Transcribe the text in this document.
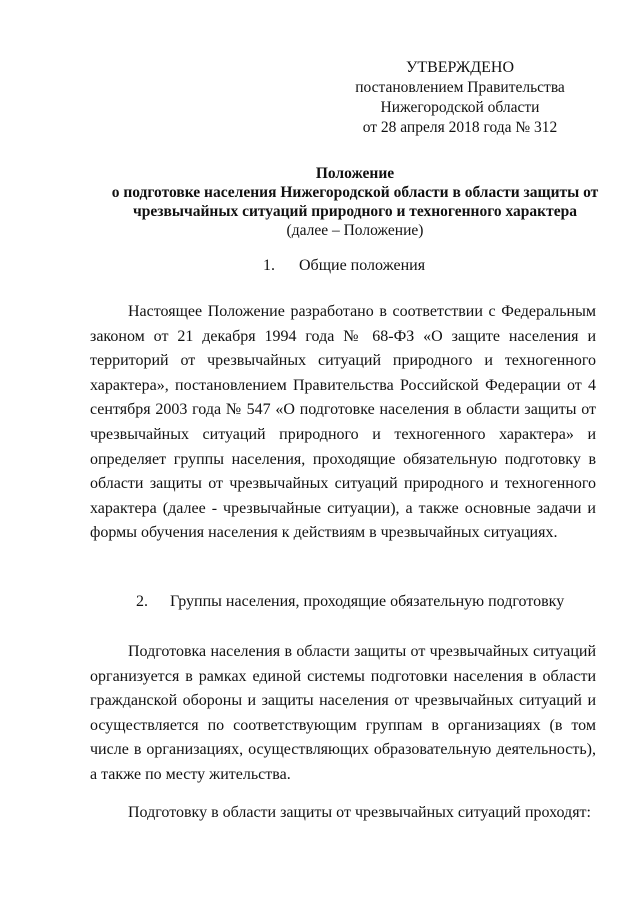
УТВЕРЖДЕНО
постановлением Правительства
Нижегородской области
от 28 апреля 2018 года № 312
Положение
о подготовке населения Нижегородской области в области защиты от
чрезвычайных ситуаций природного и техногенного характера
(далее – Положение)
1. Общие положения
Настоящее Положение разработано в соответствии с Федеральным законом от 21 декабря 1994 года № 68-ФЗ «О защите населения и территорий от чрезвычайных ситуаций природного и техногенного характера», постановлением Правительства Российской Федерации от 4 сентября 2003 года № 547 «О подготовке населения в области защиты от чрезвычайных ситуаций природного и техногенного характера» и определяет группы населения, проходящие обязательную подготовку в области защиты от чрезвычайных ситуаций природного и техногенного характера (далее - чрезвычайные ситуации), а также основные задачи и формы обучения населения к действиям в чрезвычайных ситуациях.
2. Группы населения, проходящие обязательную подготовку
Подготовка населения в области защиты от чрезвычайных ситуаций организуется в рамках единой системы подготовки населения в области гражданской обороны и защиты населения от чрезвычайных ситуаций и осуществляется по соответствующим группам в организациях (в том числе в организациях, осуществляющих образовательную деятельность), а также по месту жительства.
Подготовку в области защиты от чрезвычайных ситуаций проходят:
